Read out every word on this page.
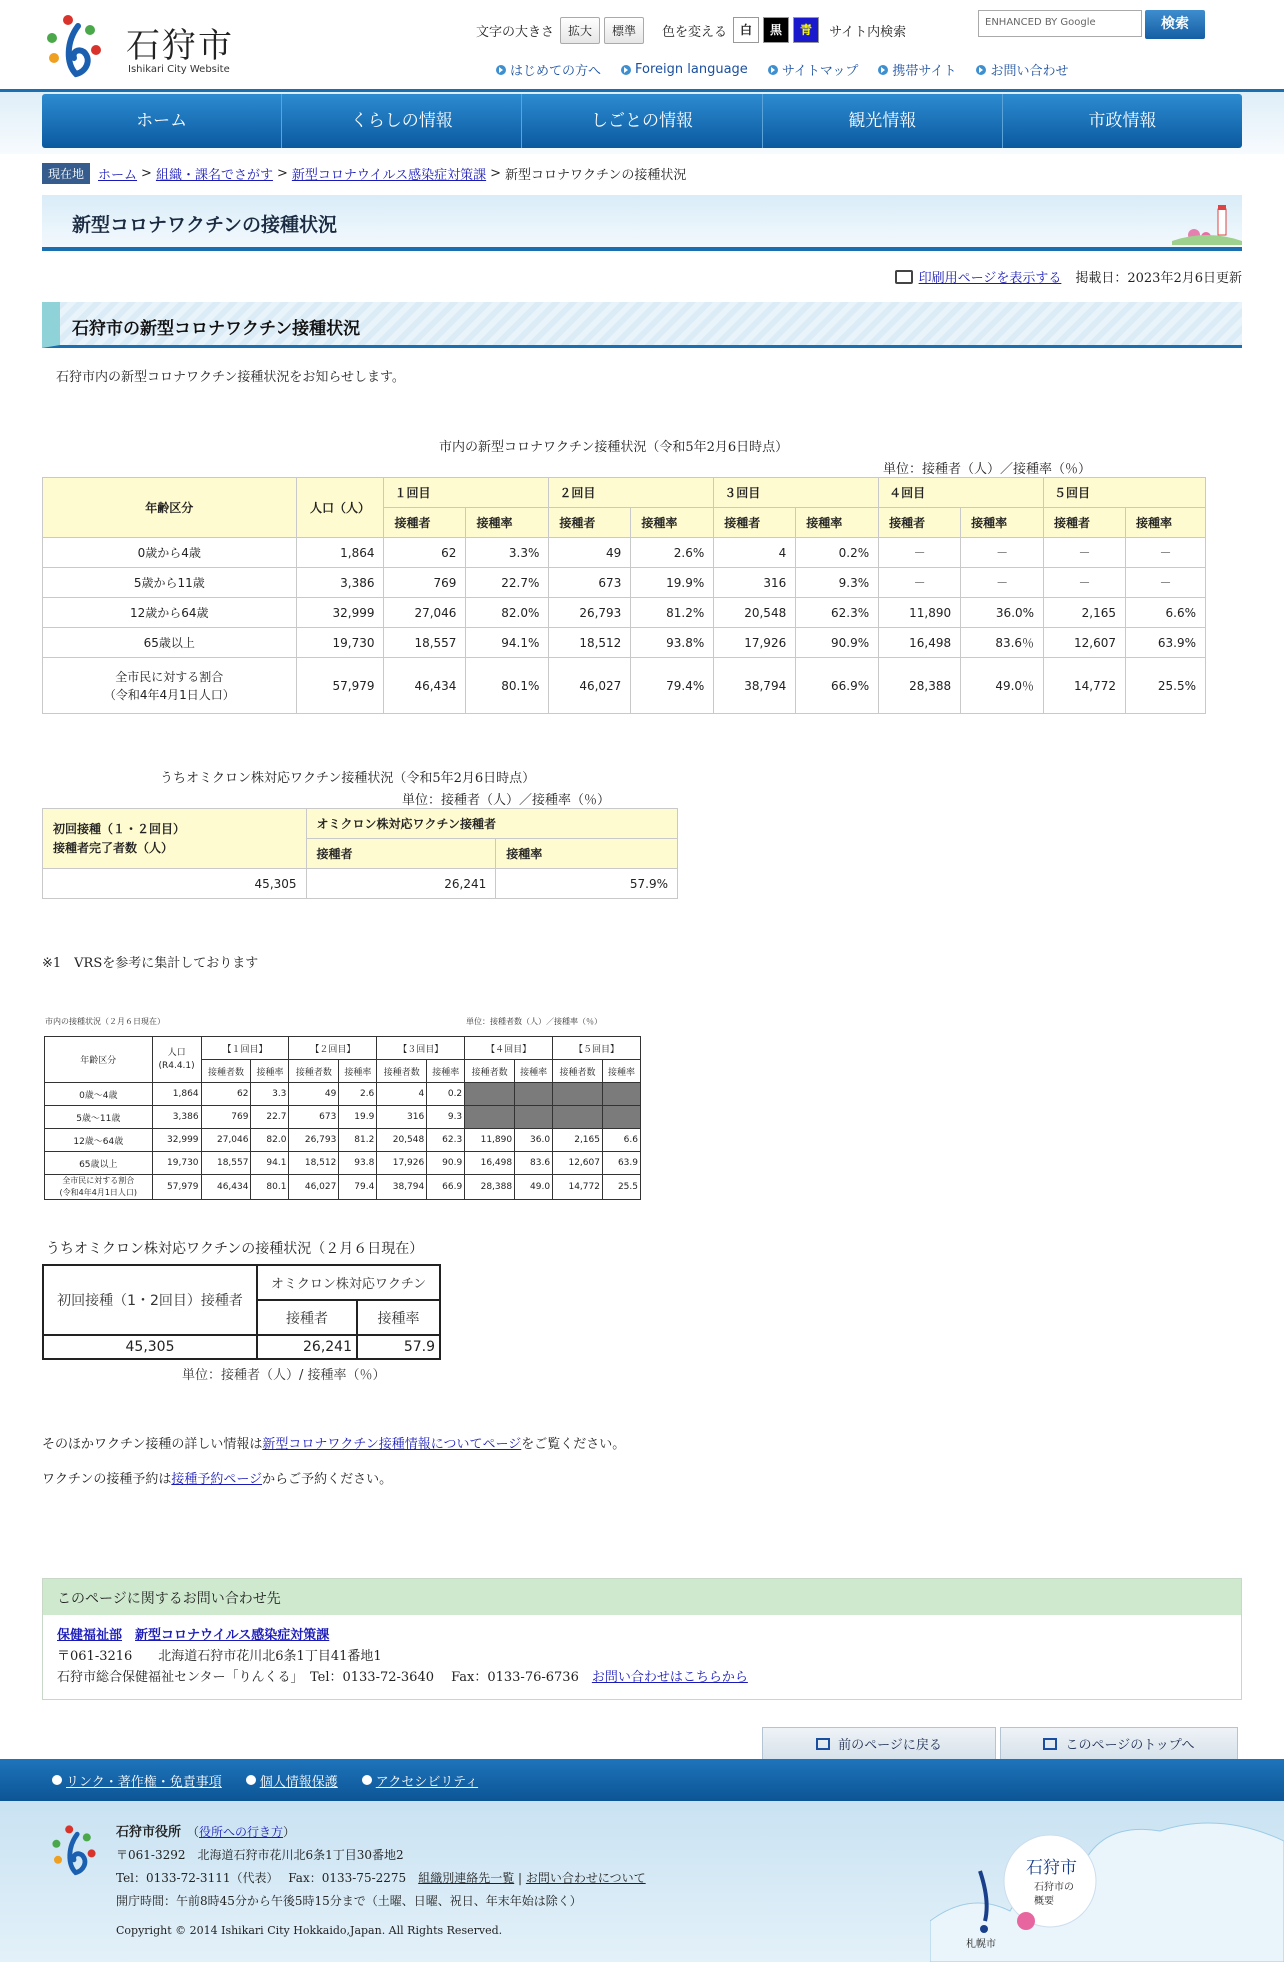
石狩市
Ishikari City Website
文字の大きさ	拡大	標準	色を変える	白	黒	青	サイト内検索
ENHANCED BY Google	検索
はじめての方へ	Foreign language	サイトマップ	携帯サイト	お問い合わせ
ホーム	くらしの情報	しごとの情報	観光情報	市政情報
現在地	ホーム > 組織・課名でさがす > 新型コロナウイルス感染症対策課 > 新型コロナワクチンの接種状況
新型コロナワクチンの接種状況
印刷用ページを表示する 掲載日：2023年2月6日更新
石狩市の新型コロナワクチン接種状況
石狩市内の新型コロナワクチン接種状況をお知らせします。
市内の新型コロナワクチン接種状況（令和5年2月6日時点）
単位：接種者（人）／接種率（％）
年齢区分	人口（人）	１回目		２回目		３回目		４回目		５回目	
		接種者	接種率	接種者	接種率	接種者	接種率	接種者	接種率	接種者	接種率
0歳から4歳	1,864	62	3.3%	49	2.6%	4	0.2%	－	－	－	－
5歳から11歳	3,386	769	22.7%	673	19.9%	316	9.3%	－	－	－	－
12歳から64歳	32,999	27,046	82.0%	26,793	81.2%	20,548	62.3%	11,890	36.0%	2,165	6.6%
65歳以上	19,730	18,557	94.1%	18,512	93.8%	17,926	90.9%	16,498	83.6％	12,607	63.9%
全市民に対する割合
（令和4年4月1日人口）	57,979	46,434	80.1%	46,027	79.4%	38,794	66.9%	28,388	49.0％	14,772	25.5%
うちオミクロン株対応ワクチン接種状況（令和5年2月6日時点）
単位：接種者（人）／接種率（％）
初回接種（１・２回目）
接種者完了者数（人）	オミクロン株対応ワクチン接種者	
	接種者	接種率
45,305	26,241	57.9%
※1　VRSを参考に集計しております
市内の接種状況（２月６日現在）	単位：接種者数（人）／接種率（％）
年齢区分	人口
(R4.4.1)	【１回目】		【２回目】		【３回目】		【４回目】		【５回目】	
		接種者数	接種率	接種者数	接種率	接種者数	接種率	接種者数	接種率	接種者数	接種率
0歳～4歳	1,864	62	3.3	49	2.6	4	0.2				
5歳～11歳	3,386	769	22.7	673	19.9	316	9.3				
12歳～64歳	32,999	27,046	82.0	26,793	81.2	20,548	62.3	11,890	36.0	2,165	6.6
65歳以上	19,730	18,557	94.1	18,512	93.8	17,926	90.9	16,498	83.6	12,607	63.9
全市民に対する割合
(令和4年4月1日人口)	57,979	46,434	80.1	46,027	79.4	38,794	66.9	28,388	49.0	14,772	25.5
うちオミクロン株対応ワクチンの接種状況（２月６日現在）
初回接種（1・2回目）接種者	オミクロン株対応ワクチン	
	接種者	接種率
45,305	26,241	57.9
単位：接種者（人）/ 接種率（％）
そのほかワクチン接種の詳しい情報は新型コロナワクチン接種情報についてページをご覧ください。
ワクチンの接種予約は接種予約ページからご予約ください。
このページに関するお問い合わせ先
保健福祉部　 新型コロナウイルス感染症対策課
〒061-3216　　北海道石狩市花川北6条1丁目41番地1
石狩市総合保健福祉センター「りんくる」　Tel：0133-72-3640　 Fax：0133-76-6736　 お問い合わせはこちらから
前のページに戻る	このページのトップへ
リンク・著作権・免責事項	個人情報保護	アクセシビリティ
石狩市役所　（役所への行き方）
〒061-3292　北海道石狩市花川北6条1丁目30番地2
Tel：0133-72-3111（代表）　 Fax：0133-75-2275　 組織別連絡先一覧 | お問い合わせについて
開庁時間：午前8時45分から午後5時15分まで（土曜、日曜、祝日、年末年始は除く）
Copyright © 2014 Ishikari City Hokkaido,Japan. All Rights Reserved.
石狩市
石狩市の概要
札幌市
